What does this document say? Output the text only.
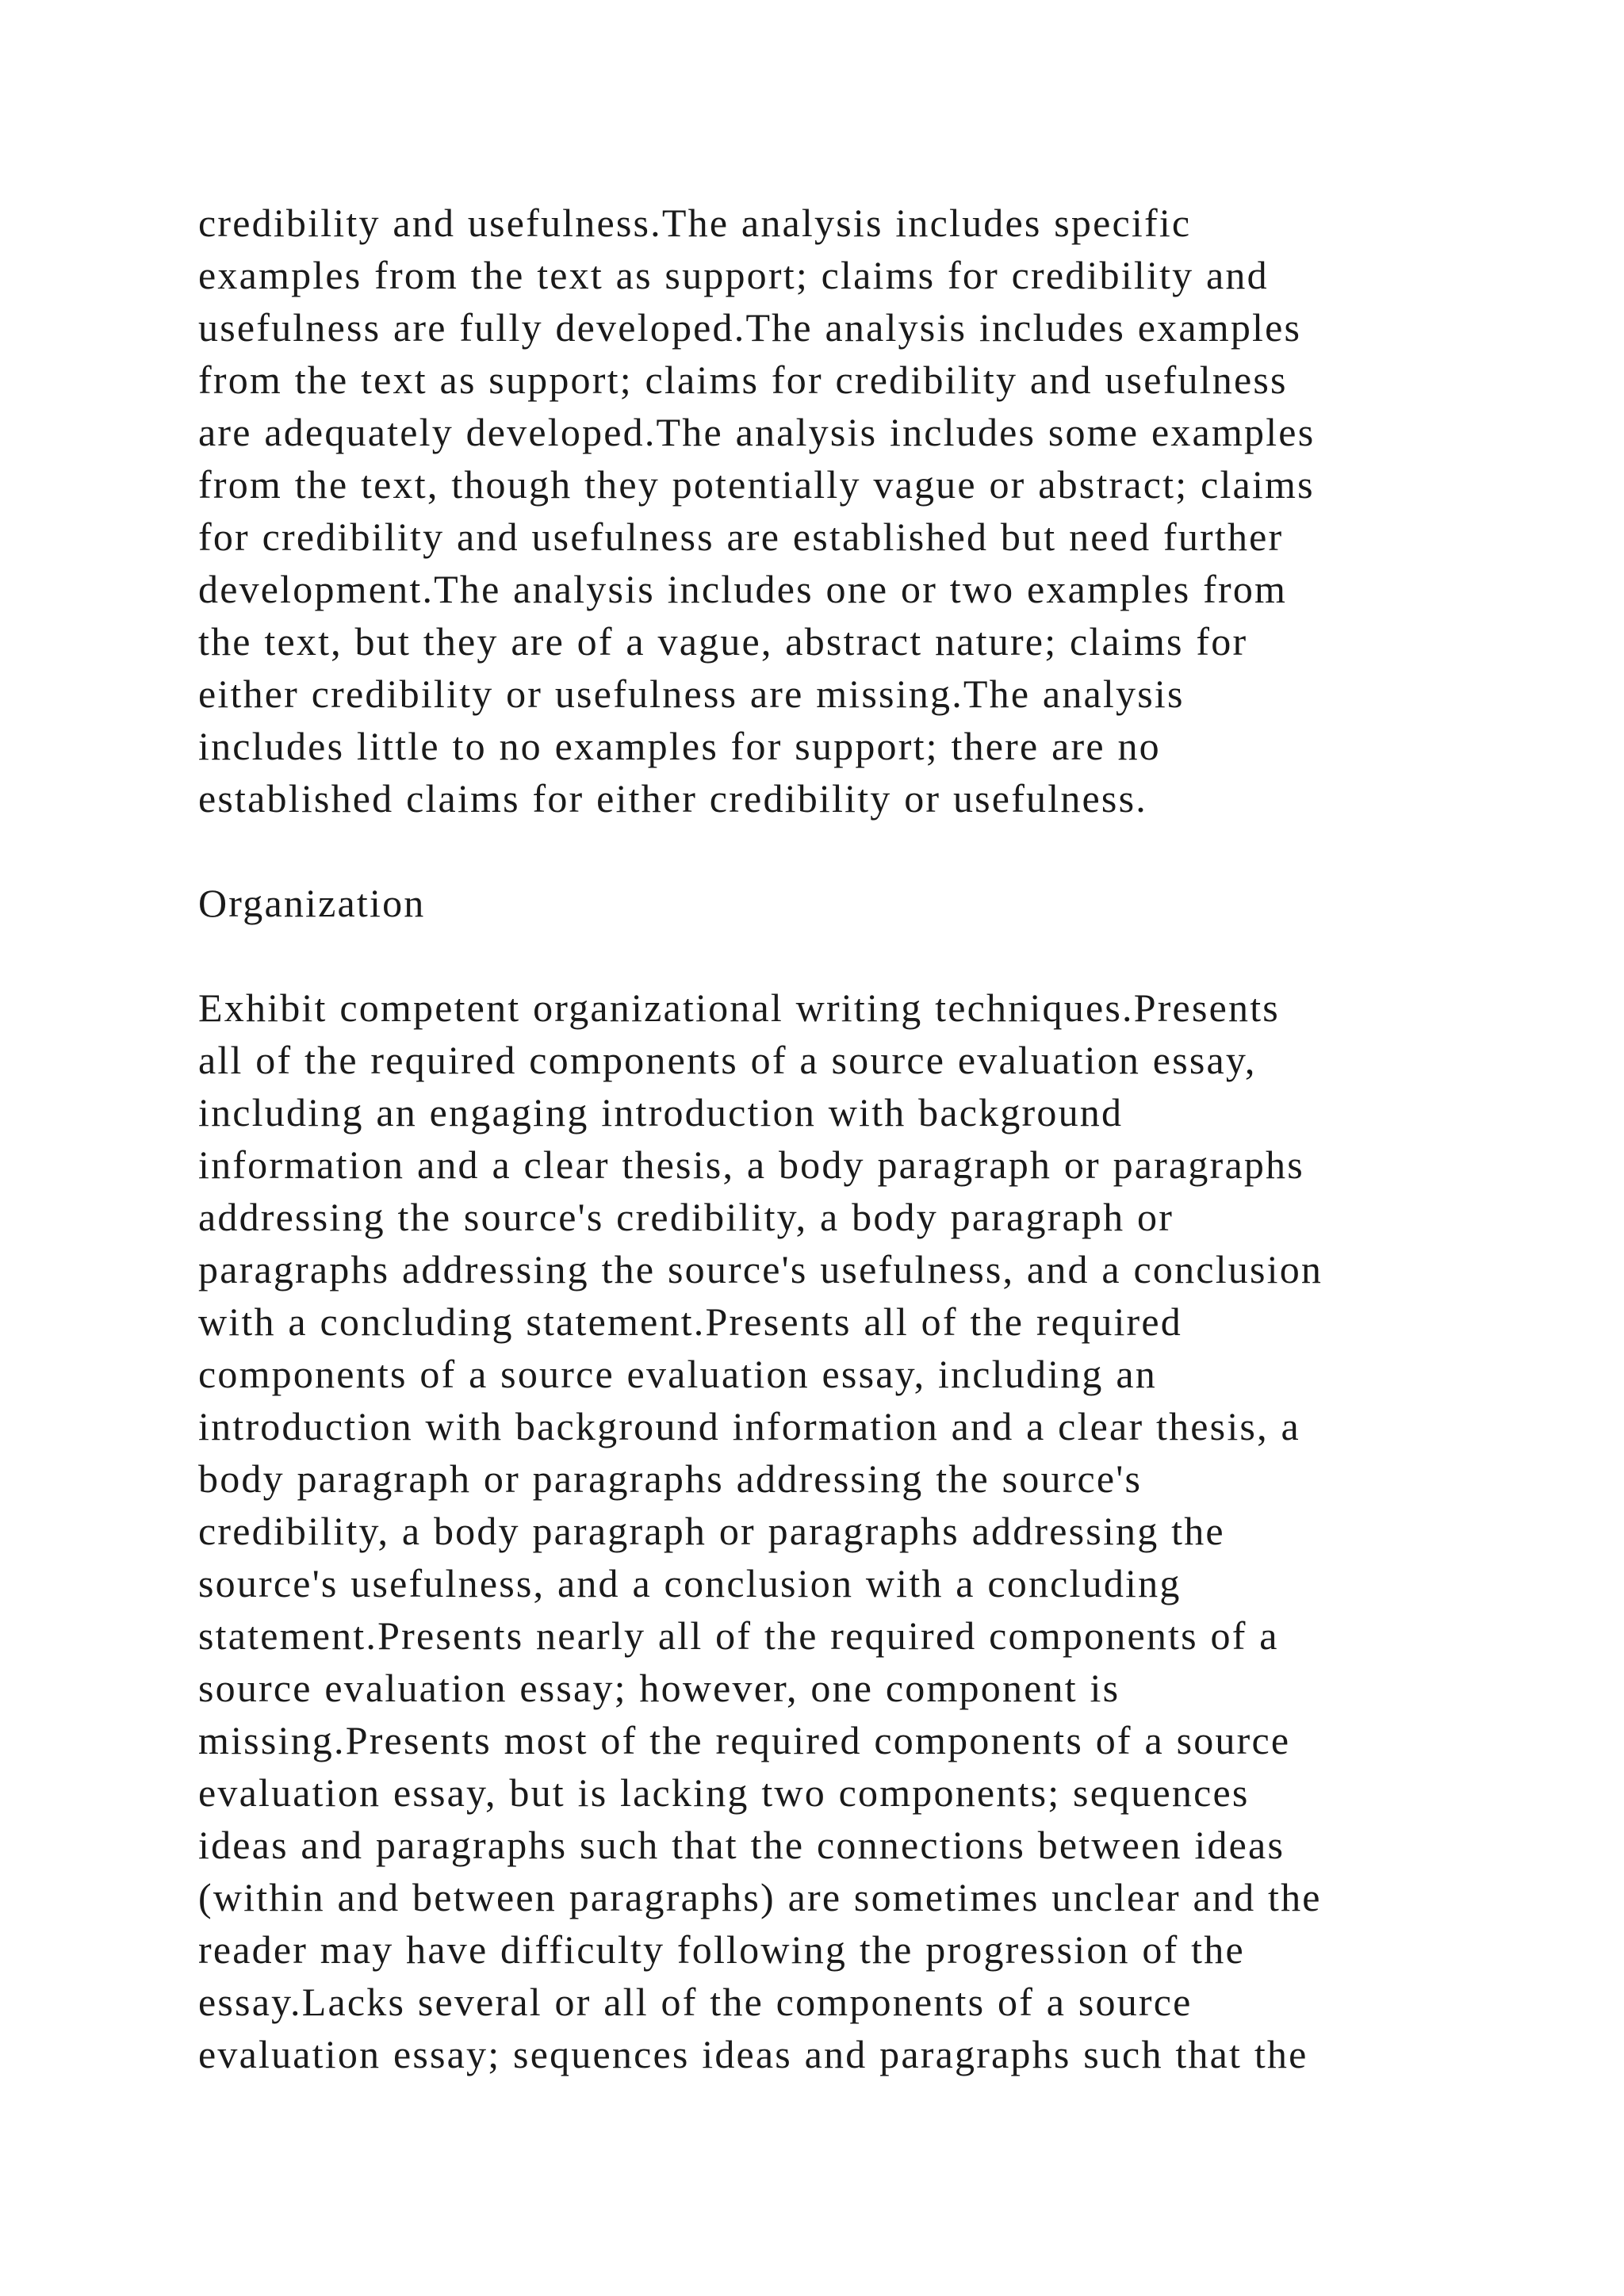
credibility and usefulness.The analysis includes specific
examples from the text as support; claims for credibility and
usefulness are fully developed.The analysis includes examples
from the text as support; claims for credibility and usefulness
are adequately developed.The analysis includes some examples
from the text, though they potentially vague or abstract; claims
for credibility and usefulness are established but need further
development.The analysis includes one or two examples from
the text, but they are of a vague, abstract nature; claims for
either credibility or usefulness are missing.The analysis
includes little to no examples for support; there are no
established claims for either credibility or usefulness.

Organization

Exhibit competent organizational writing techniques.Presents
all of the required components of a source evaluation essay,
including an engaging introduction with background
information and a clear thesis, a body paragraph or paragraphs
addressing the source's credibility, a body paragraph or
paragraphs addressing the source's usefulness, and a conclusion
with a concluding statement.Presents all of the required
components of a source evaluation essay, including an
introduction with background information and a clear thesis, a
body paragraph or paragraphs addressing the source's
credibility, a body paragraph or paragraphs addressing the
source's usefulness, and a conclusion with a concluding
statement.Presents nearly all of the required components of a
source evaluation essay; however, one component is
missing.Presents most of the required components of a source
evaluation essay, but is lacking two components; sequences
ideas and paragraphs such that the connections between ideas
(within and between paragraphs) are sometimes unclear and the
reader may have difficulty following the progression of the
essay.Lacks several or all of the components of a source
evaluation essay; sequences ideas and paragraphs such that the
